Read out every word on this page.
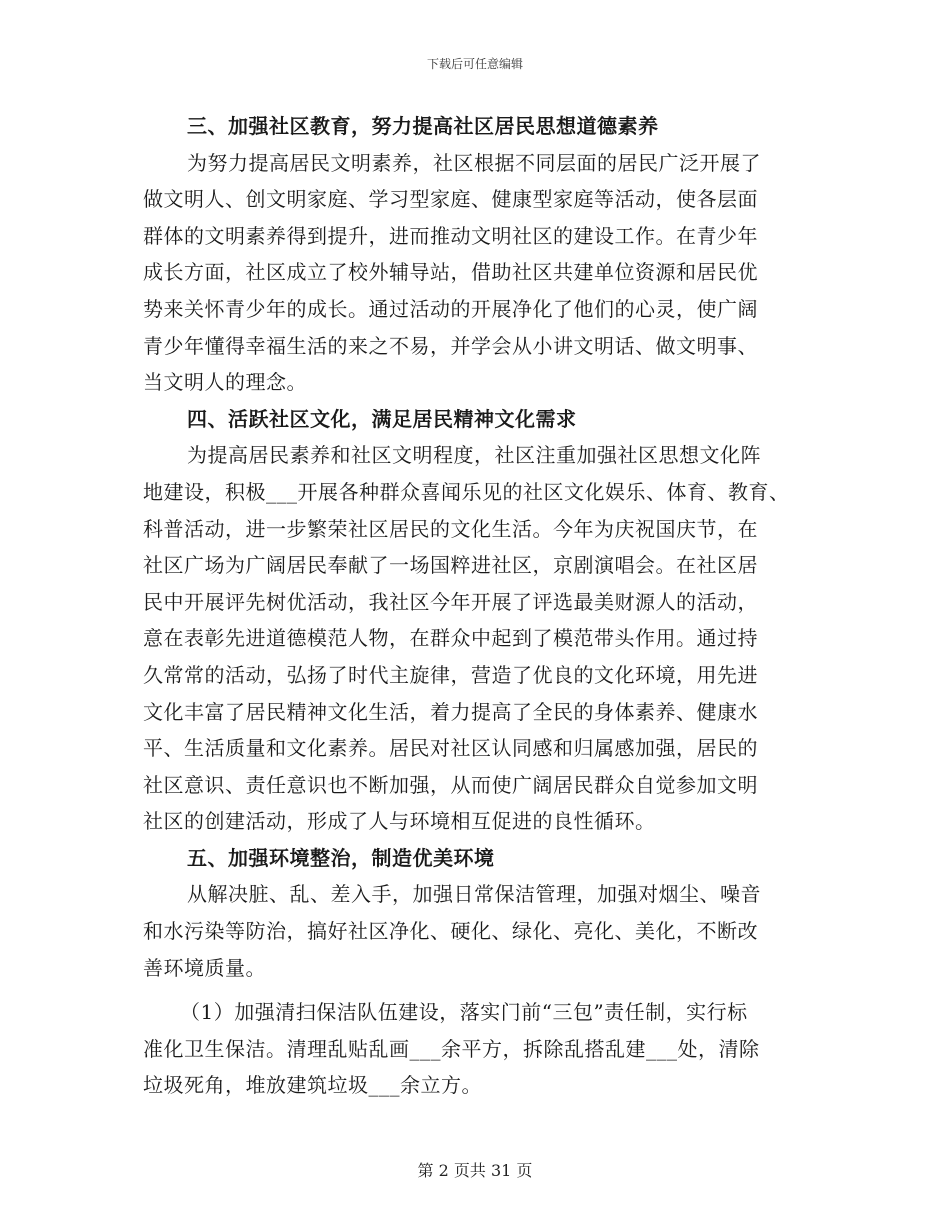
下载后可任意编辑
三、加强社区教育，努力提高社区居民思想道德素养
为努力提高居民文明素养，社区根据不同层面的居民广泛开展了
做文明人、创文明家庭、学习型家庭、健康型家庭等活动，使各层面
群体的文明素养得到提升，进而推动文明社区的建设工作。在青少年
成长方面，社区成立了校外辅导站，借助社区共建单位资源和居民优
势来关怀青少年的成长。通过活动的开展净化了他们的心灵，使广阔
青少年懂得幸福生活的来之不易，并学会从小讲文明话、做文明事、
当文明人的理念。
四、活跃社区文化，满足居民精神文化需求
为提高居民素养和社区文明程度，社区注重加强社区思想文化阵
地建设，积极___开展各种群众喜闻乐见的社区文化娱乐、体育、教育、
科普活动，进一步繁荣社区居民的文化生活。今年为庆祝国庆节，在
社区广场为广阔居民奉献了一场国粹进社区，京剧演唱会。在社区居
民中开展评先树优活动，我社区今年开展了评选最美财源人的活动，
意在表彰先进道德模范人物，在群众中起到了模范带头作用。通过持
久常常的活动，弘扬了时代主旋律，营造了优良的文化环境，用先进
文化丰富了居民精神文化生活，着力提高了全民的身体素养、健康水
平、生活质量和文化素养。居民对社区认同感和归属感加强，居民的
社区意识、责任意识也不断加强，从而使广阔居民群众自觉参加文明
社区的创建活动，形成了人与环境相互促进的良性循环。
五、加强环境整治，制造优美环境
从解决脏、乱、差入手，加强日常保洁管理，加强对烟尘、噪音
和水污染等防治，搞好社区净化、硬化、绿化、亮化、美化，不断改
善环境质量。
（1）加强清扫保洁队伍建设，落实门前“三包”责任制，实行标
准化卫生保洁。清理乱贴乱画___余平方，拆除乱搭乱建___处，清除
垃圾死角，堆放建筑垃圾___余立方。
第 2 页共 31 页
